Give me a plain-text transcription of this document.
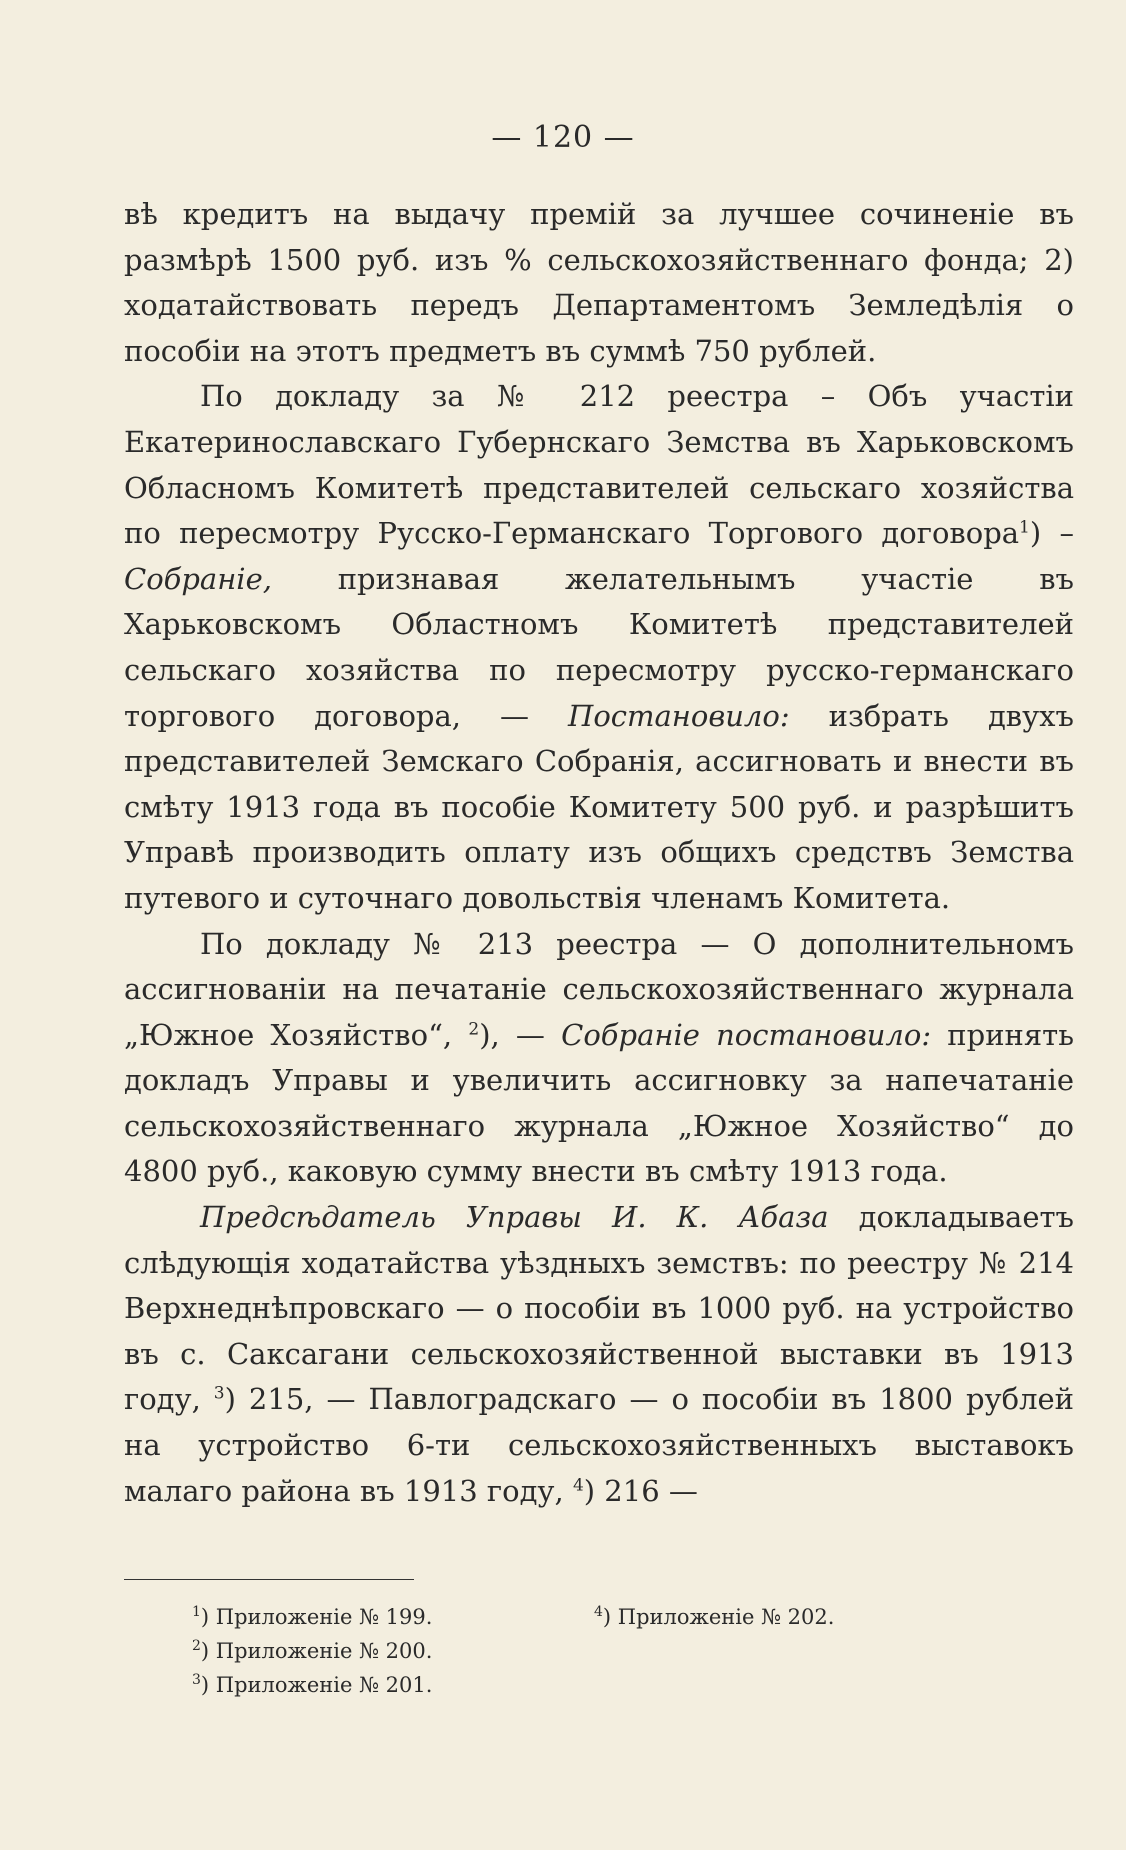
— 120 —

вѣ кредитъ на выдачу премій за лучшее сочиненіе въ размѣрѣ 1500 руб. изъ % сельскохозяйственнаго фонда; 2) ходатайствовать передъ Департаментомъ Земледѣлія о пособіи на этотъ предметъ въ суммѣ 750 рублей.

По докладу за № 212 реестра – Объ участіи Екатеринославскаго Губернскаго Земства въ Харьковскомъ Обласномъ Комитетѣ представителей сельскаго хозяйства по пересмотру Русско-Германскаго Торгового договора$^1$) – Собраніе, признавая желательнымъ участіе въ Харьковскомъ Областномъ Комитетѣ представителей сельскаго хозяйства по пересмотру русско-германскаго торгового договора, — Постановило: избрать двухъ представителей Земскаго Собранія, ассигновать и внести въ смѣту 1913 года въ пособіе Комитету 500 руб. и разрѣшитъ Управѣ производить оплату изъ общихъ средствъ Земства путевого и суточнаго довольствія членамъ Комитета.

По докладу № 213 реестра — О дополнительномъ ассигнованіи на печатаніе сельскохозяйственнаго журнала „Южное Хозяйство“, $^2$), — Собраніе постановило: принять докладъ Управы и увеличить ассигновку за напечатаніе сельскохозяйственнаго журнала „Южное Хозяйство“ до 4800 руб., каковую сумму внести въ смѣту 1913 года.

Предсѣдатель Управы И. К. Абаза докладываетъ слѣдующія ходатайства уѣздныхъ земствъ: по реестру № 214 Верхнеднѣпровскаго — о пособіи въ 1000 руб. на устройство въ с. Саксагани сельскохозяйственной выставки въ 1913 году, $^3$) 215, — Павлоградскаго — о пособіи въ 1800 рублей на устройство 6-ти сельскохозяйственныхъ выставокъ малаго района въ 1913 году, $^4$) 216 —

$^1$) Приложеніе № 199.
$^2$) Приложеніе № 200.
$^3$) Приложеніе № 201.
$^4$) Приложеніе № 202.
